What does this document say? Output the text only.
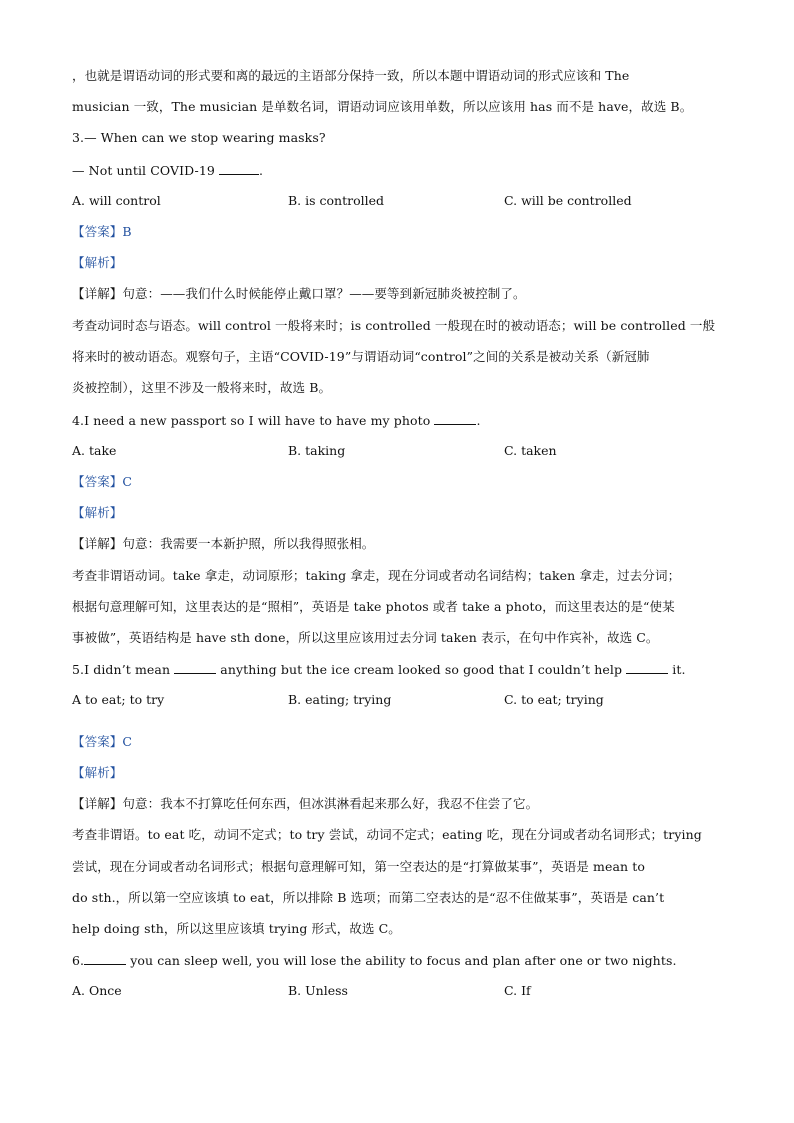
，也就是谓语动词的形式要和离的最远的主语部分保持一致，所以本题中谓语动词的形式应该和 The
musician 一致，The musician 是单数名词，谓语动词应该用单数，所以应该用 has 而不是 have，故选 B。
3.— When can we stop wearing masks?
— Not until COVID-19	.
A. will control	B. is controlled	C. will be controlled
【答案】B
【解析】
【详解】句意：——我们什么时候能停止戴口罩？——要等到新冠肺炎被控制了。
考查动词时态与语态。will control 一般将来时；is controlled 一般现在时的被动语态；will be controlled 一般
将来时的被动语态。观察句子，主语“COVID-19”与谓语动词“control”之间的关系是被动关系（新冠肺
炎被控制），这里不涉及一般将来时，故选 B。
4.I need a new passport so I will have to have my photo	.
A. take	B. taking	C. taken
【答案】C
【解析】
【详解】句意：我需要一本新护照，所以我得照张相。
考查非谓语动词。take 拿走，动词原形；taking 拿走，现在分词或者动名词结构；taken 拿走，过去分词；
根据句意理解可知，这里表达的是“照相”，英语是 take photos 或者 take a photo，而这里表达的是“使某
事被做”，英语结构是 have sth done，所以这里应该用过去分词 taken 表示，在句中作宾补，故选 C。
5.I didn’t mean	anything but the ice cream looked so good that I couldn’t help	it.
A to eat; to try	B. eating; trying	C. to eat; trying
【答案】C
【解析】
【详解】句意：我本不打算吃任何东西，但冰淇淋看起来那么好，我忍不住尝了它。
考查非谓语。to eat 吃，动词不定式；to try 尝试，动词不定式；eating 吃，现在分词或者动名词形式；trying
尝试，现在分词或者动名词形式；根据句意理解可知，第一空表达的是“打算做某事”，英语是 mean to
do sth.，所以第一空应该填 to eat，所以排除 B 选项；而第二空表达的是“忍不住做某事”，英语是 can’t
help doing sth，所以这里应该填 trying 形式，故选 C。
6.	you can sleep well, you will lose the ability to focus and plan after one or two nights.
A. Once	B. Unless	C. If
